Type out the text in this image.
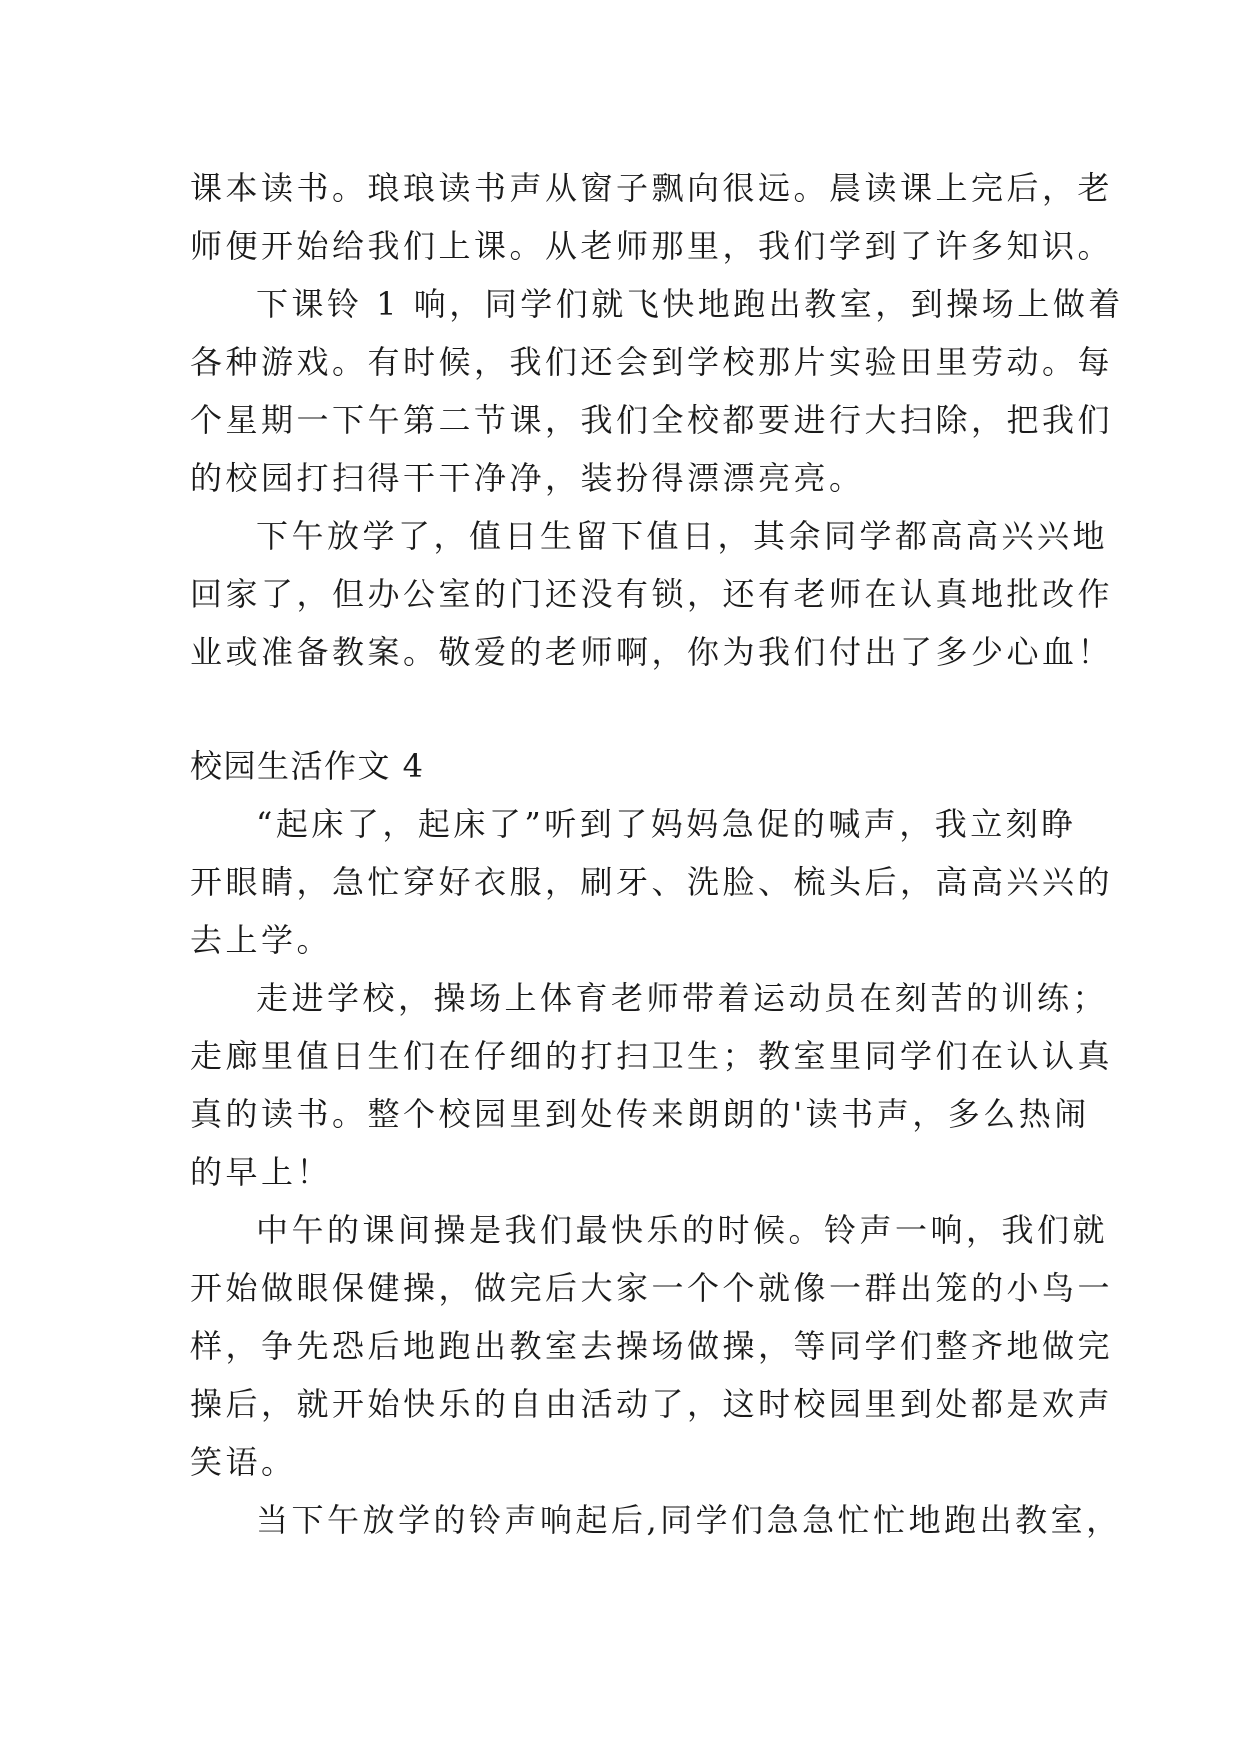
课本读书。琅琅读书声从窗子飘向很远。晨读课上完后，老
师便开始给我们上课。从老师那里，我们学到了许多知识。
下课铃 1 响，同学们就飞快地跑出教室，到操场上做着
各种游戏。有时候，我们还会到学校那片实验田里劳动。每
个星期一下午第二节课，我们全校都要进行大扫除，把我们
的校园打扫得干干净净，装扮得漂漂亮亮。
下午放学了，值日生留下值日，其余同学都高高兴兴地
回家了，但办公室的门还没有锁，还有老师在认真地批改作
业或准备教案。敬爱的老师啊，你为我们付出了多少心血！
校园生活作文 4
“起床了，起床了”听到了妈妈急促的喊声，我立刻睁
开眼睛，急忙穿好衣服，刷牙、洗脸、梳头后，高高兴兴的
去上学。
走进学校，操场上体育老师带着运动员在刻苦的训练；
走廊里值日生们在仔细的打扫卫生；教室里同学们在认认真
真的读书。整个校园里到处传来朗朗的'读书声，多么热闹
的早上！
中午的课间操是我们最快乐的时候。铃声一响，我们就
开始做眼保健操，做完后大家一个个就像一群出笼的小鸟一
样，争先恐后地跑出教室去操场做操，等同学们整齐地做完
操后，就开始快乐的自由活动了，这时校园里到处都是欢声
笑语。
当下午放学的铃声响起后,同学们急急忙忙地跑出教室，
